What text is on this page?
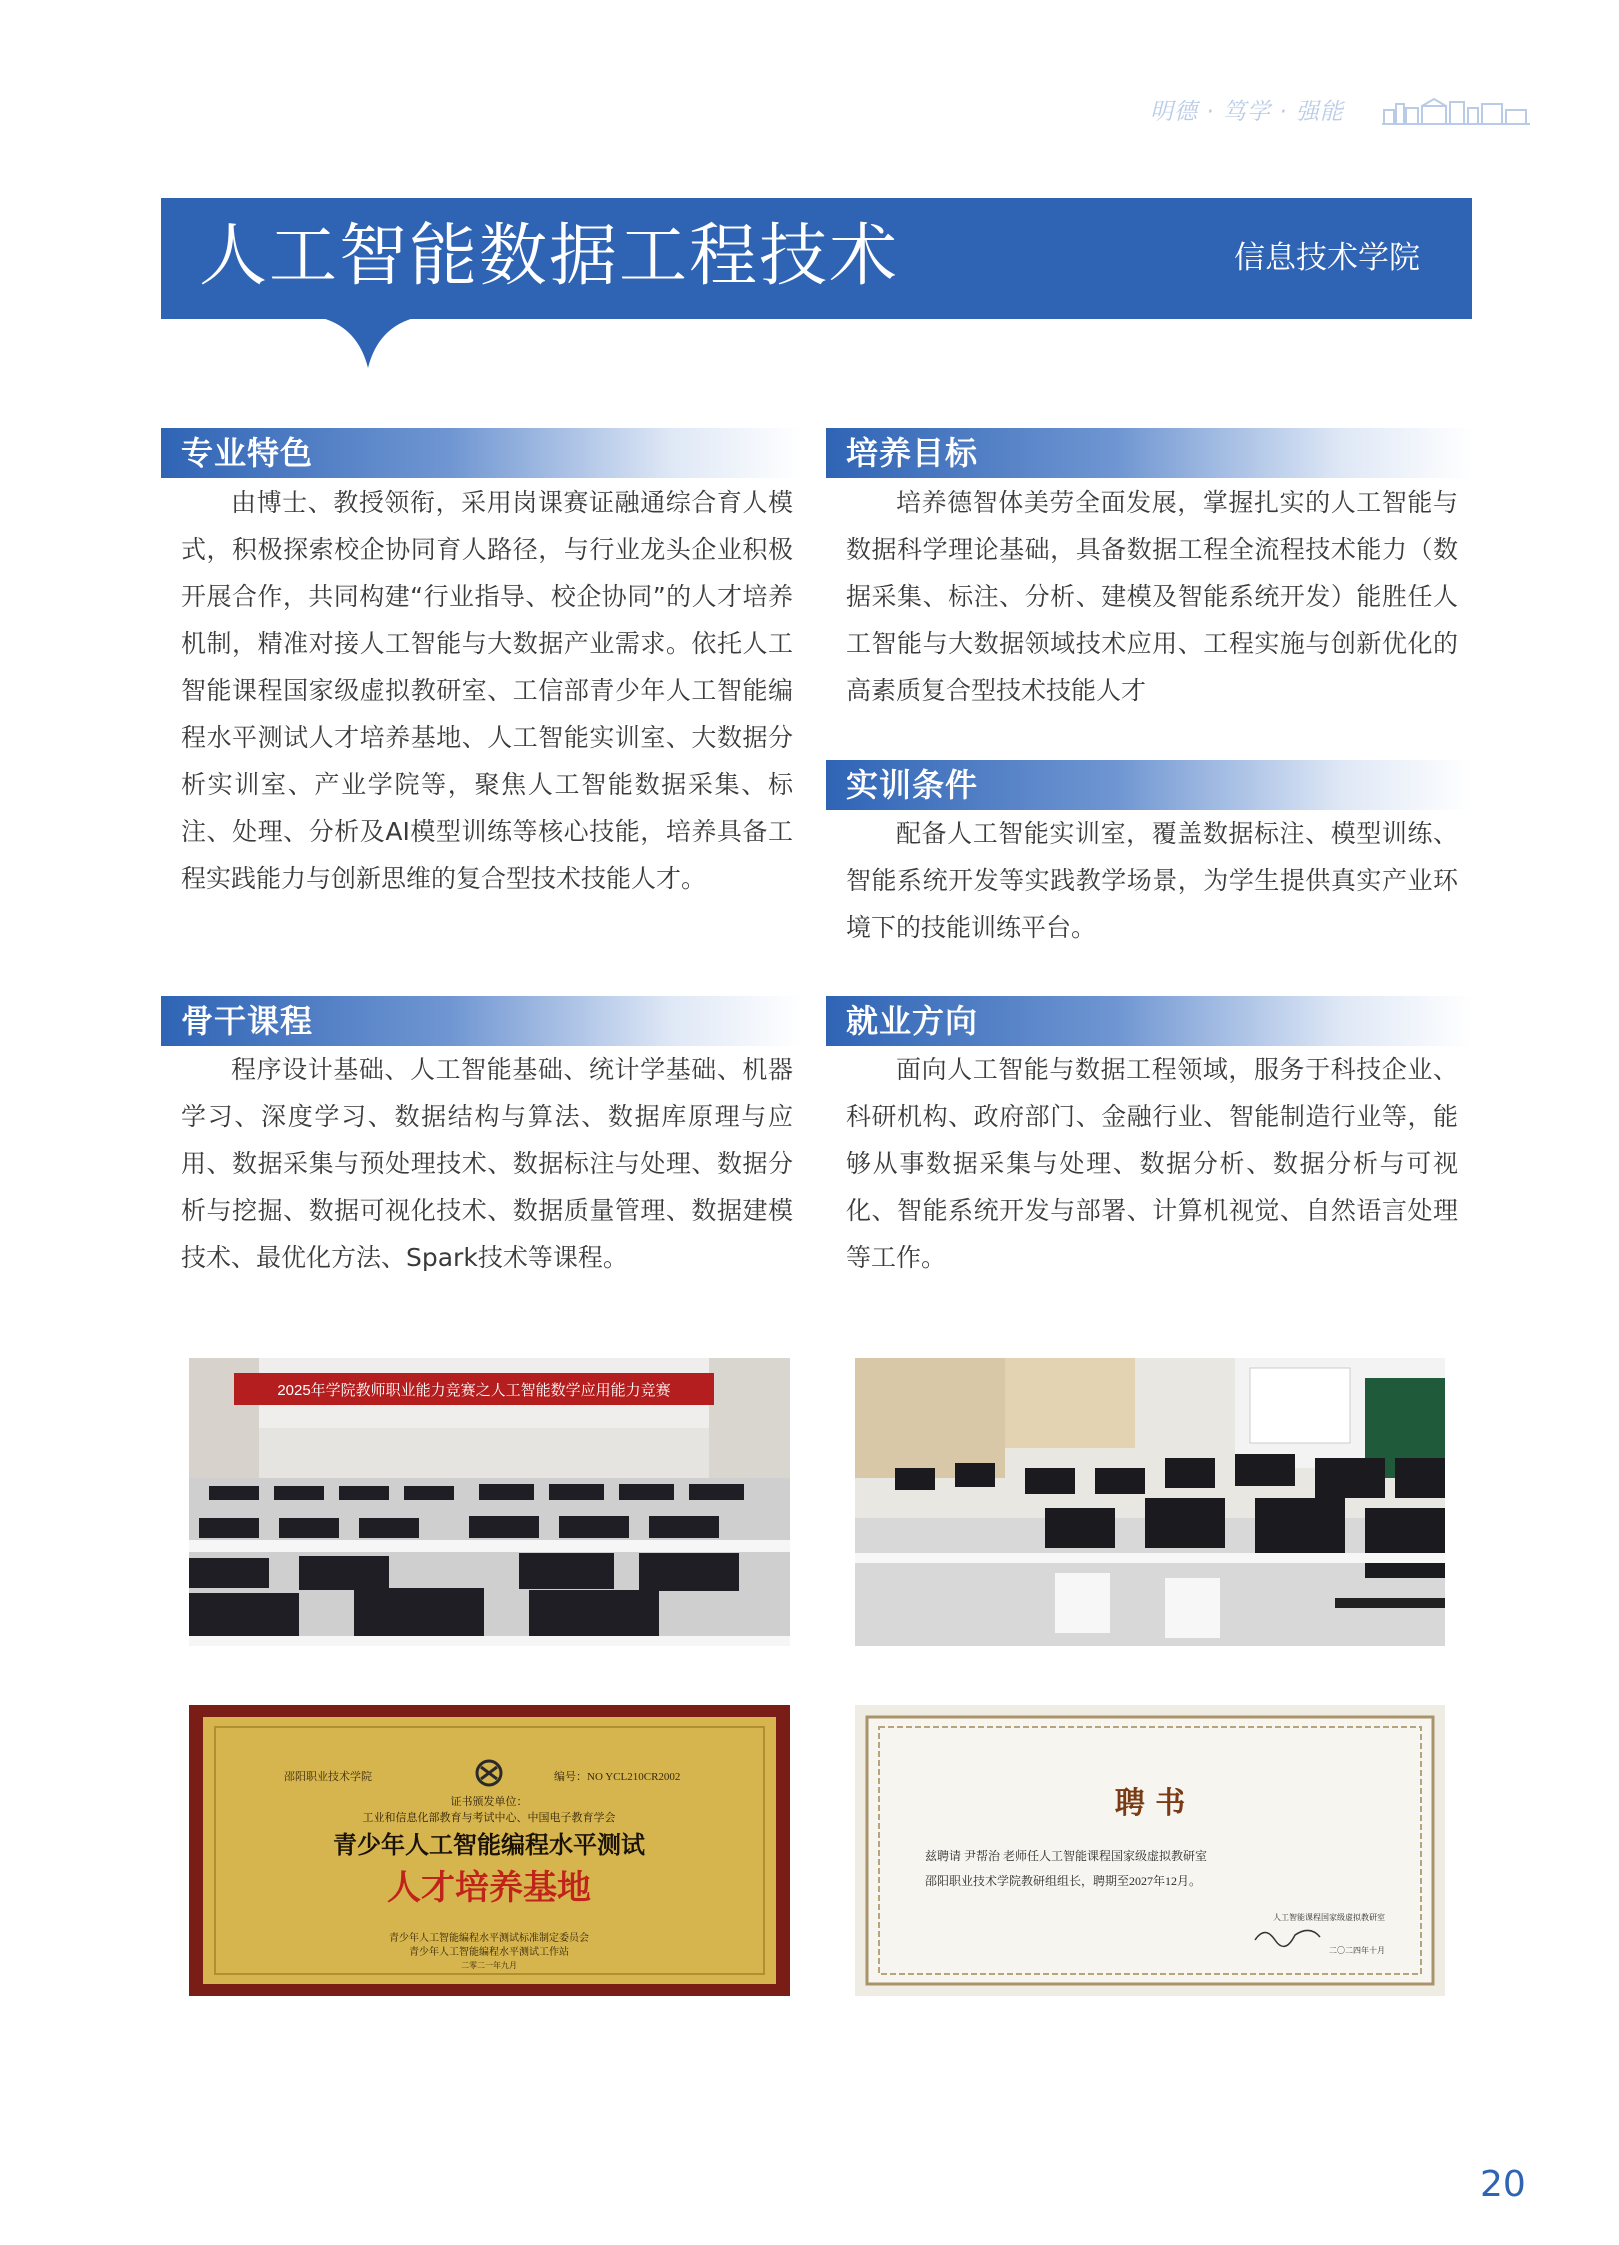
明德 · 笃学 · 强能
人工智能数据工程技术	信息技术学院
专业特色

由博士、教授领衔，采用岗课赛证融通综合育人模式，积极探索校企协同育人路径，与行业龙头企业积极开展合作，共同构建“行业指导、校企协同”的人才培养机制，精准对接人工智能与大数据产业需求。依托人工智能课程国家级虚拟教研室、工信部青少年人工智能编程水平测试人才培养基地、人工智能实训室、大数据分析实训室、产业学院等，聚焦人工智能数据采集、标注、处理、分析及AI模型训练等核心技能，培养具备工程实践能力与创新思维的复合型技术技能人才。

培养目标

培养德智体美劳全面发展，掌握扎实的人工智能与数据科学理论基础，具备数据工程全流程技术能力（数据采集、标注、分析、建模及智能系统开发）能胜任人工智能与大数据领域技术应用、工程实施与创新优化的高素质复合型技术技能人才

实训条件

配备人工智能实训室，覆盖数据标注、模型训练、智能系统开发等实践教学场景，为学生提供真实产业环境下的技能训练平台。

骨干课程

程序设计基础、人工智能基础、统计学基础、机器学习、深度学习、数据结构与算法、数据库原理与应用、数据采集与预处理技术、数据标注与处理、数据分析与挖掘、数据可视化技术、数据质量管理、数据建模技术、最优化方法、Spark技术等课程。

就业方向

面向人工智能与数据工程领域，服务于科技企业、科研机构、政府部门、金融行业、智能制造行业等，能够从事数据采集与处理、数据分析、数据分析与可视化、智能系统开发与部署、计算机视觉、自然语言处理等工作。

2025年学院教师职业能力竞赛之人工智能数学应用能力竞赛
邵阳职业技术学院	编号：NO YCL210CR2002
证书颁发单位：
工业和信息化部教育与考试中心、中国电子教育学会
青少年人工智能编程水平测试
人才培养基地
青少年人工智能编程水平测试标准制定委员会
青少年人工智能编程水平测试工作站
二零二一年九月
聘 书
兹聘请 尹帮治 老师任人工智能课程国家级虚拟教研室
邵阳职业技术学院教研组组长，聘期至2027年12月。
人工智能课程国家级虚拟教研室
二〇二四年十月
20
